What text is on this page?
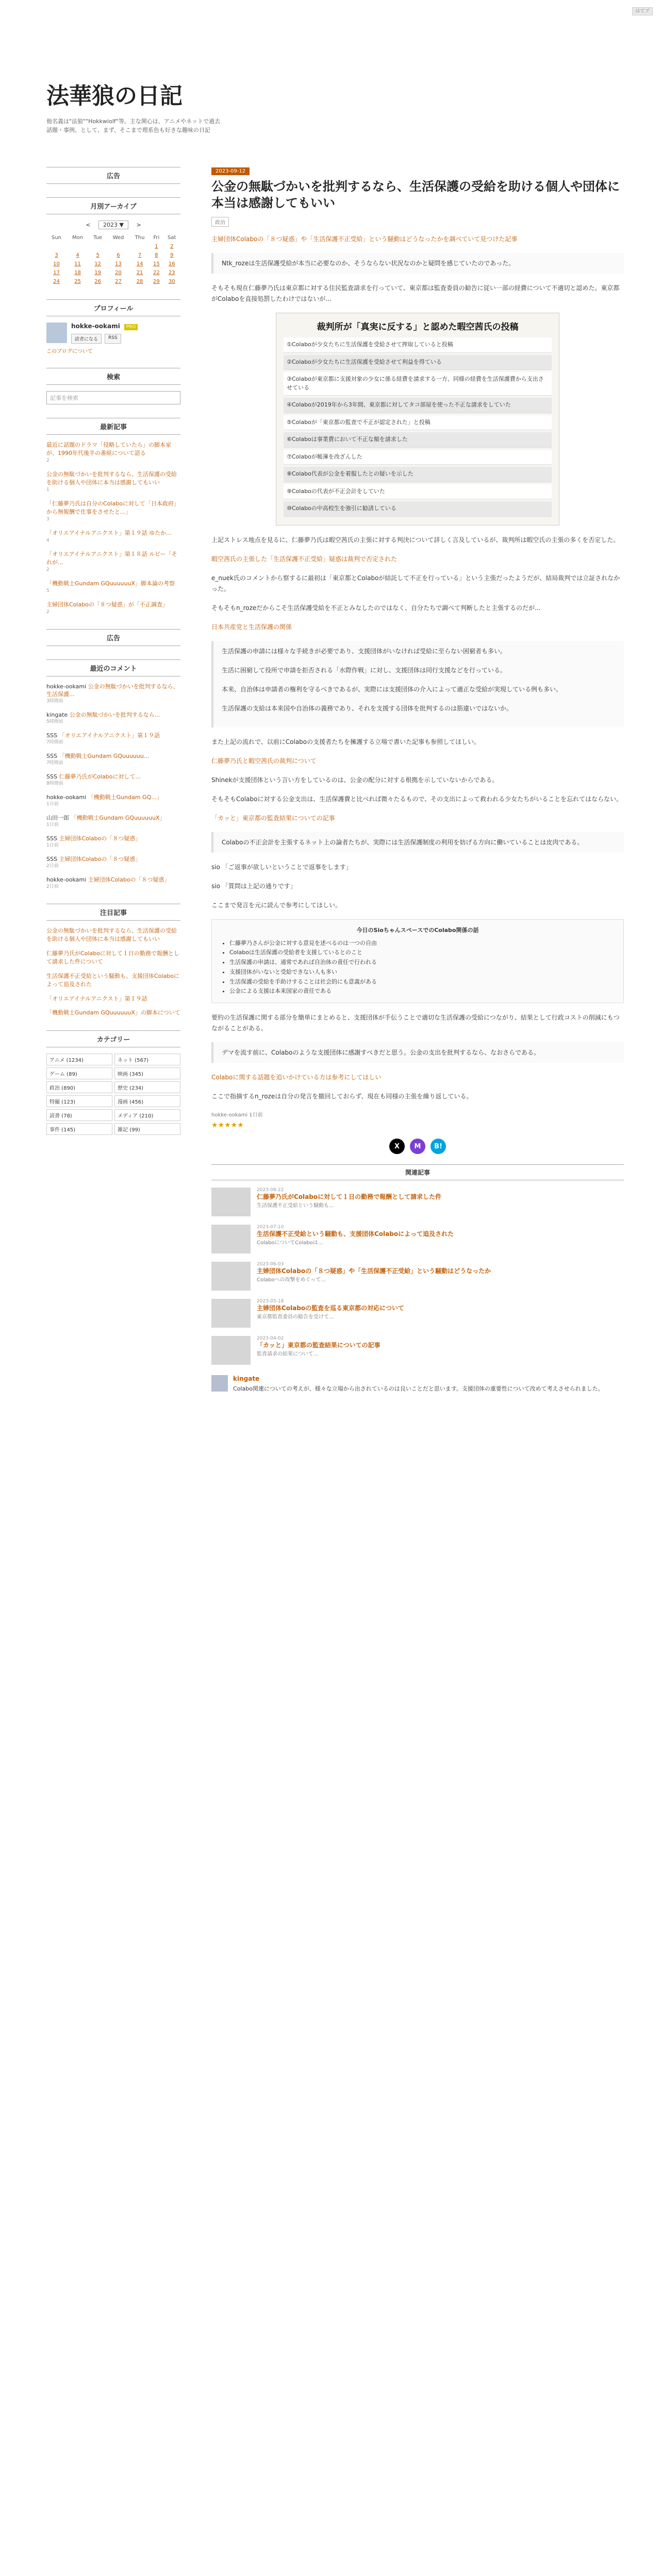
はてブ
法華狼の日記
他名義は"法狼""Hokkwiolf"等。主な関心は、アニメやネットで過去話題・事例、として、まず、そこまで理系色も好きな趣味の日記
広告
月別アーカイブ
< 2023 ▼ >
Sun	Mon	Tue	Wed	Thu	Fri	Sat
					1	2
3	4	5	6	7	8	9
10	11	12	13	14	15	16
17	18	19	20	21	22	23
24	25	26	27	28	29	30
プロフィール
hokke-ookami PRO
読者になる	RSS
このブログについて
検索
記事を検索
最新記事
最近に話題のドラマ「侵略していたら」の脚本家が、1990年代後半の番組について語る
2
公金の無駄づかいを批判するなら、生活保護の受給を助ける個人や団体に本当は感謝してもいい
1
「仁藤夢乃氏は自分のColaboに対して「日本政府」から無報酬で仕事をさせたと...」
3
「オリエアイナルアニクスト」第１９話 ゆたか...
4
「オリエアイナルアニクスト」第１８話 ルビー「それが...
2
「機動戦士Gundam GQuuuuuuX」脚本論の考察
5
主婦団体Colaboの「８つ疑惑」が「不正調査」
2
広告
最近のコメント
hokke-ookami 公金の無駄づかいを批判するなら、生活保護...
3時間前
kingate 公金の無駄づかいを批判するなら...
5時間前
SSS 「オリエアイナルアニクスト」第１９話
7時間前
SSS 「機動戦士Gundam GQuuuuuu...
7時間前
SSS 仁藤夢乃氏がColaboに対して...
8時間前
hokke-ookami 「機動戦士Gundam GQ...」
1日前
山田一郎 「機動戦士Gundam GQuuuuuuX」
1日前
SSS 主婦団体Colaboの「８つ疑惑」
1日前
SSS 主婦団体Colaboの「８つ疑惑」
2日前
hokke-ookami 主婦団体Colaboの「８つ疑惑」
2日前
注目記事
公金の無駄づかいを批判するなら、生活保護の受給を助ける個人や団体に本当は感謝してもいい
仁藤夢乃氏がColaboに対して１日の勤務で報酬として請求した件について
生活保護不正受給という騒動も、支援団体Colaboによって追及された
「オリエアイナルアニクスト」第１９話
「機動戦士Gundam GQuuuuuuX」の脚本について
カテゴリー
アニメ (1234)	ネット (567)
ゲーム (89)	映画 (345)
政治 (890)	歴史 (234)
特撮 (123)	漫画 (456)
読書 (78)	メディア (210)
事件 (145)	雑記 (99)
2023-09-12
公金の無駄づかいを批判するなら、生活保護の受給を助ける個人や団体に本当は感謝してもいい
政治

主婦団体Colaboの「８つ疑惑」や「生活保護不正受給」という騒動はどうなったかを調べていて見つけた記事

Ntk_rozeは生活保護受給が本当に必要なのか、そうならない状況なのかと疑問を感じていたのであった。

そもそも現在仁藤夢乃氏は東京都に対する住民監査請求を行っていて、東京都は監査委員の勧告に従い一部の経費について不適切と認めた。東京都がColaboを直接処罰したわけではないが...

裁判所が「真実に反する」と認めた暇空茜氏の投稿
①Colaboが少女たちに生活保護を受給させて搾取していると投稿
②Colaboが少女たちに生活保護を受給させて利益を得ている
③Colaboが東京都に支援対象の少女に係る経費を請求する一方、同様の経費を生活保護費から支出させている
④Colaboが2019年から3年間、東京都に対してタコ部屋を使った不正な請求をしていた
⑤Colaboが「東京都の監査で不正が認定された」と投稿
⑥Colaboは事業費において不正な額を請求した
⑦Colaboが帳簿を改ざんした
⑧Colabo代表が公金を着服したとの疑いを示した
⑨Colaboの代表が不正会計をしていた
⑩Colaboの中高校生を強引に勧誘している

上記ストレス地点を見るに、仁藤夢乃氏は暇空茜氏の主張に対する判決について詳しく言及しているが、裁判所は暇空氏の主張の多くを否定した。

暇空茜氏の主張した「生活保護不正受給」疑惑は裁判で否定された

e_nuek氏のコメントから察するに最初は「東京都とColaboが結託して不正を行っている」という主張だったようだが、結局裁判では立証されなかった。

そもそもn_rozeだからこそ生活保護受給を不正とみなしたのではなく、自分たちで調べて判断したと主張するのだが...

日本共産党と生活保護の関係

生活保護の申請には様々な手続きが必要であり、支援団体がいなければ受給に至らない困窮者も多い。

生活に困窮して役所で申請を拒否される「水際作戦」に対し、支援団体は同行支援などを行っている。

本来、自治体は申請者の権利を守るべきであるが、実際には支援団体の介入によって適正な受給が実現している例も多い。

生活保護の支給は本来国や自治体の義務であり、それを支援する団体を批判するのは筋違いではないか。

また上記の流れで、以前にColaboの支援者たちを擁護する立場で書いた記事も参照してほしい。

仁藤夢乃氏と暇空茜氏の裁判について

Shinekが支援団体という言い方をしているのは、公金の配分に対する根拠を示していないからである。

そもそもColaboに対する公金支出は、生活保護費と比べれば微々たるもので、その支出によって救われる少女たちがいることを忘れてはならない。

「カッと」東京都の監査結果についての記事

Colaboの不正会計を主張するネット上の論者たちが、実際には生活保護制度の利用を妨げる方向に働いていることは皮肉である。

sio 「ご返事が欲しいということで返事をします」

sio 「質問は上記の通りです」

ここまで発言を元に読んで参考にしてほしい。

今日のSioちゃんスペースでのColabo関係の話
• 仁藤夢乃さんが公金に対する意見を述べるのは一つの自由
• Colaboは生活保護の受給者を支援しているとのこと
• 生活保護の申請は、通常であれば自治体の責任で行われる
• 支援団体がいないと受給できない人も多い
• 生活保護の受給を手助けすることは社会的にも意義がある
• 公金による支援は本来国家の責任である

要約の生活保護に関する部分を簡単にまとめると、支援団体が手伝うことで適切な生活保護の受給につながり、結果として行政コストの削減にもつながることがある。

デマを流す前に、Colaboのような支援団体に感謝すべきだと思う。公金の支出を批判するなら、なおさらである。

Colaboに関する話題を追いかけている方は参考にしてほしい

ここで指摘するn_rozeは自分の発言を撤回しておらず、現在も同様の主張を繰り返している。

hokke-ookami 1日前
★★★★★
X	M	B!
関連記事
2023-08-22
仁藤夢乃氏がColaboに対して１日の勤務で報酬として請求した件
生活保護不正受給という騒動も...
2023-07-10
生活保護不正受給という騒動も、支援団体Colaboによって追及された
ColaboについてColaboは...
2023-06-03
主婦団体Colaboの「８つ疑惑」や「生活保護不正受給」という騒動はどうなったか
Colaboへの攻撃をめぐって...
2023-05-18
主婦団体Colaboの監査を巡る東京都の対応について
東京都監査委員の勧告を受けて...
2023-04-02
「カッと」東京都の監査結果についての記事
監査請求の結果について...
kingate
Colabo関連についての考えが、様々な立場から出されているのは良いことだと思います。支援団体の重要性について改めて考えさせられました。
